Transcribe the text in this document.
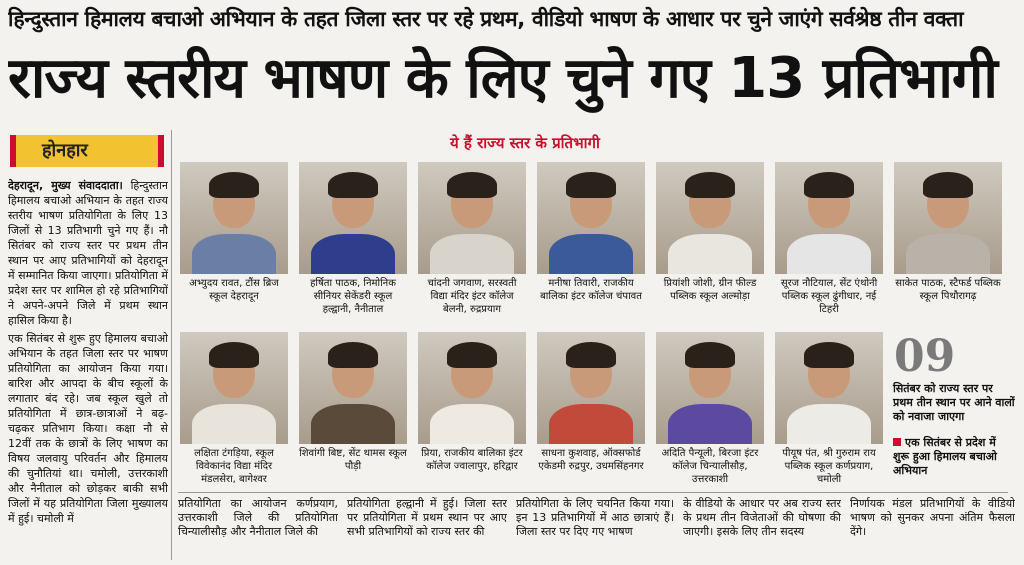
हिन्दुस्तान हिमालय बचाओ अभियान के तहत जिला स्तर पर रहे प्रथम, वीडियो भाषण के आधार पर चुने जाएंगे सर्वश्रेष्ठ तीन वक्ता
राज्य स्तरीय भाषण के लिए चुने गए 13 प्रतिभागी
होनहार

देहरादून, मुख्य संवाददाता। हिन्दुस्तान हिमालय बचाओ अभियान के तहत राज्य स्तरीय भाषण प्रतियोगिता के लिए 13 जिलों से 13 प्रतिभागी चुने गए हैं। नौ सितंबर को राज्य स्तर पर प्रथम तीन स्थान पर आए प्रतिभागियों को देहरादून में सम्मानित किया जाएगा। प्रतियोगिता में प्रदेश स्तर पर शामिल हो रहे प्रतिभागियों ने अपने-अपने जिले में प्रथम स्थान हासिल किया है।

एक सितंबर से शुरू हुए हिमालय बचाओ अभियान के तहत जिला स्तर पर भाषण प्रतियोगिता का आयोजन किया गया। बारिश और आपदा के बीच स्कूलों के लगातार बंद रहे। जब स्कूल खुले तो प्रतियोगिता में छात्र-छात्राओं ने बढ़-चढ़कर प्रतिभाग किया। कक्षा नौ से 12वीं तक के छात्रों के लिए भाषण का विषय जलवायु परिवर्तन और हिमालय की चुनौतियां था। चमोली, उत्तरकाशी और नैनीताल को छोड़कर बाकी सभी जिलों में यह प्रतियोगिता जिला मुख्यालय में हुई। चमोली में

ये हैं राज्य स्तर के प्रतिभागी
अभ्युदय रावत, टौंस ब्रिज स्कूल देहरादून
हर्षिता पाठक, निमोनिक सीनियर सेकेंडरी स्कूल हल्द्वानी, नैनीताल
चांदनी जगवाण, सरस्वती विद्या मंदिर इंटर कॉलेज बेलनी, रुद्रप्रयाग
मनीषा तिवारी, राजकीय बालिका इंटर कॉलेज चंपावत
प्रियांशी जोशी, ग्रीन फील्ड पब्लिक स्कूल अल्मोड़ा
सूरज नौटियाल, सेंट एंथोनी पब्लिक स्कूल ढुंगीधार, नई टिहरी
साकेत पाठक, स्टैफर्ड पब्लिक स्कूल पिथौरागढ़
लक्षिता टंगड़िया, स्कूल विवेकानंद विद्या मंदिर मंडलसेरा, बागेश्वर
शिवांगी बिष्ट, सेंट थामस स्कूल पौड़ी
प्रिया, राजकीय बालिका इंटर कॉलेज ज्वालापुर, हरिद्वार
साधना कुशवाह, ऑक्सफोर्ड एकेडमी रुद्रपुर, उधमसिंहनगर
अदिति पैन्यूली, बिरजा इंटर कॉलेज चिन्यालीसौड़, उत्तरकाशी
पीयूष पंत, श्री गुरुराम राय पब्लिक स्कूल कर्णप्रयाग, चमोली
09
सितंबर को राज्य स्तर पर प्रथम तीन स्थान पर आने वालों को नवाजा जाएगा
एक सितंबर से प्रदेश में शुरू हुआ हिमालय बचाओ अभियान
प्रतियोगिता का आयोजन कर्णप्रयाग, उत्तरकाशी जिले की प्रतियोगिता चिन्यालीसौड़ और नैनीताल जिले की
प्रतियोगिता हल्द्वानी में हुई। जिला स्तर पर प्रतियोगिता में प्रथम स्थान पर आए सभी प्रतिभागियों को राज्य स्तर की
प्रतियोगिता के लिए चयनित किया गया। इन 13 प्रतिभागियों में आठ छात्राएं हैं। जिला स्तर पर दिए गए भाषण
के वीडियो के आधार पर अब राज्य स्तर के प्रथम तीन विजेताओं की घोषणा की जाएगी। इसके लिए तीन सदस्य
निर्णायक मंडल प्रतिभागियों के वीडियो भाषण को सुनकर अपना अंतिम फैसला देंगे।
